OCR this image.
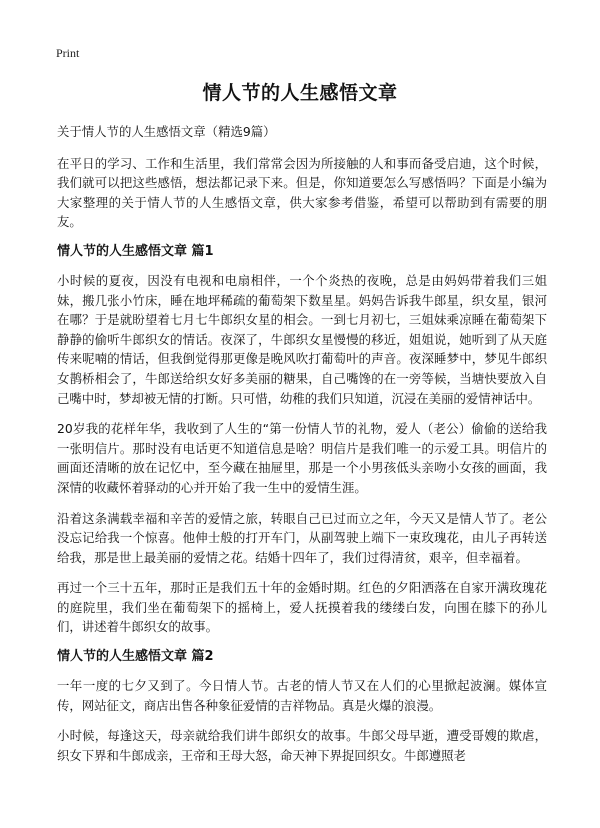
Print
情人节的人生感悟文章

关于情人节的人生感悟文章（精选9篇）

在平日的学习、工作和生活里，我们常常会因为所接触的人和事而备受启迪，这个时候，我们就可以把这些感悟，想法都记录下来。但是，你知道要怎么写感悟吗？下面是小编为大家整理的关于情人节的人生感悟文章，供大家参考借鉴，希望可以帮助到有需要的朋友。

情人节的人生感悟文章 篇1

小时候的夏夜，因没有电视和电扇相伴，一个个炎热的夜晚，总是由妈妈带着我们三姐妹，搬几张小竹床，睡在地坪稀疏的葡萄架下数星星。妈妈告诉我牛郎星，织女星，银河在哪？于是就盼望着七月七牛郎织女星的相会。一到七月初七，三姐妹乘凉睡在葡萄架下静静的偷听牛郎织女的情话。夜深了，牛郎织女星慢慢的移近，姐姐说，她听到了从天庭传来呢喃的情话，但我倒觉得那更像是晚风吹打葡萄叶的声音。夜深睡梦中，梦见牛郎织女鹊桥相会了，牛郎送给织女好多美丽的糖果，自己嘴馋的在一旁等候，当塘快要放入自己嘴中时，梦却被无情的打断。只可惜，幼稚的我们只知道，沉浸在美丽的爱情神话中。

20岁我的花样年华，我收到了人生的“第一份情人节的礼物，爱人（老公）偷偷的送给我一张明信片。那时没有电话更不知道信息是啥？明信片是我们唯一的示爱工具。明信片的画面还清晰的放在记忆中，至今藏在抽屉里，那是一个小男孩低头亲吻小女孩的画面，我深情的收藏怀着驿动的心并开始了我一生中的爱情生涯。

沿着这条满载幸福和辛苦的爱情之旅，转眼自己已过而立之年，今天又是情人节了。老公没忘记给我一个惊喜。他伸士般的打开车门，从副驾驶上端下一束玫瑰花，由儿子再转送给我，那是世上最美丽的爱情之花。结婚十四年了，我们过得清贫，艰辛，但幸福着。

再过一个三十五年，那时正是我们五十年的金婚时期。红色的夕阳洒落在自家开满玫瑰花的庭院里，我们坐在葡萄架下的摇椅上，爱人抚摸着我的缕缕白发，向围在膝下的孙儿们，讲述着牛郎织女的故事。

情人节的人生感悟文章 篇2

一年一度的七夕又到了。今日情人节。古老的情人节又在人们的心里掀起波澜。媒体宣传，网站征文，商店出售各种象征爱情的吉祥物品。真是火爆的浪漫。

小时候，每逢这天，母亲就给我们讲牛郎织女的故事。牛郎父母早逝，遭受哥嫂的欺虐，织女下界和牛郎成亲，王帝和王母大怒，命天神下界捉回织女。牛郎遵照老
